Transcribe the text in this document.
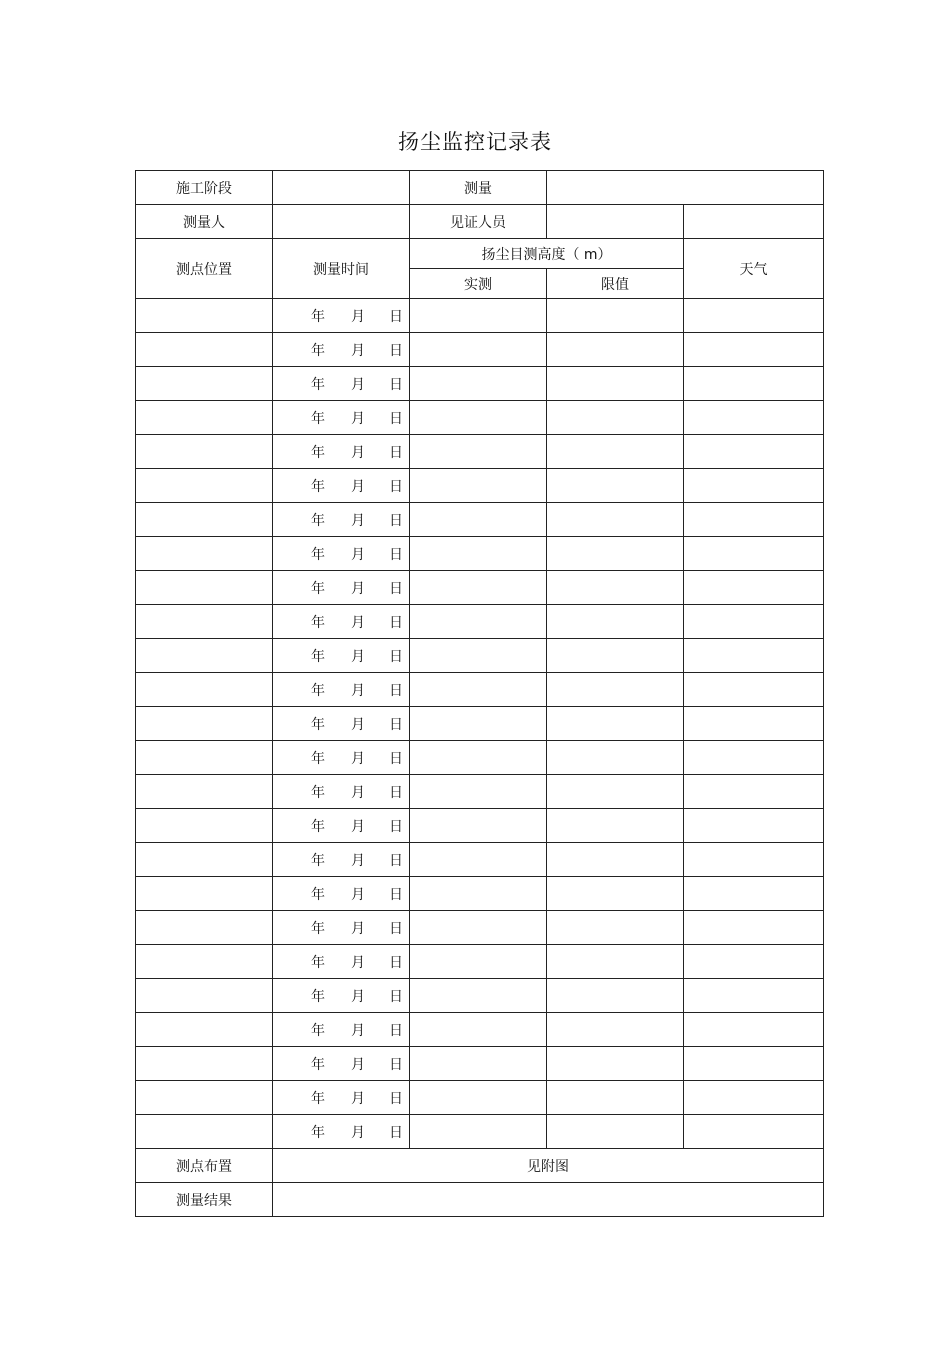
扬尘监控记录表
施工阶段		测量		
测量人		见证人员		
测点位置	测量时间	扬尘目测高度（ m）		天气
		实测	限值	
	年 月 日			
	年 月 日			
	年 月 日			
	年 月 日			
	年 月 日			
	年 月 日			
	年 月 日			
	年 月 日			
	年 月 日			
	年 月 日			
	年 月 日			
	年 月 日			
	年 月 日			
	年 月 日			
	年 月 日			
	年 月 日			
	年 月 日			
	年 月 日			
	年 月 日			
	年 月 日			
	年 月 日			
	年 月 日			
	年 月 日			
	年 月 日			
	年 月 日			
测点布置	见附图			
测量结果				
